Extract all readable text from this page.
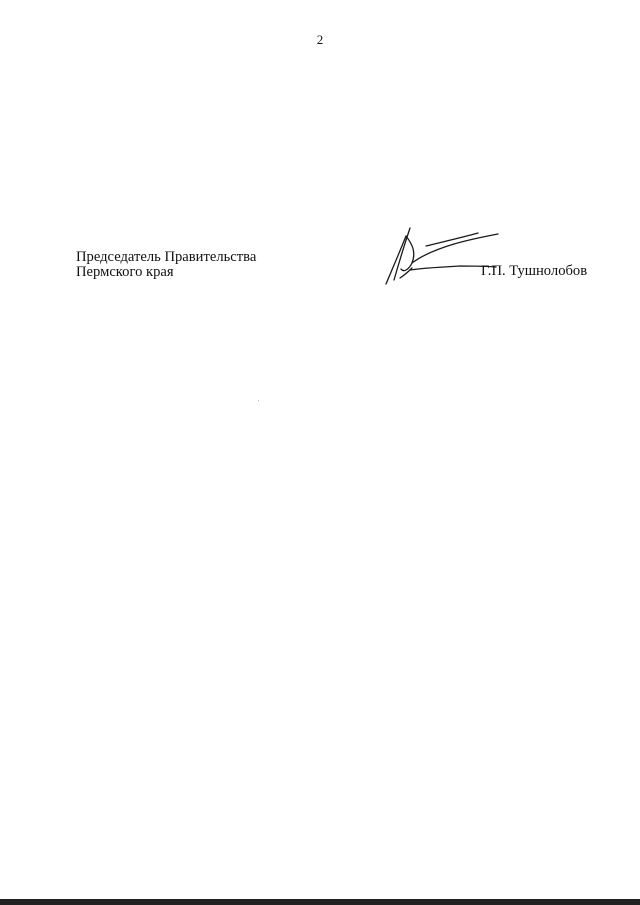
2

Председатель Правительства
Пермского края	Г.П. Тушнолобов
